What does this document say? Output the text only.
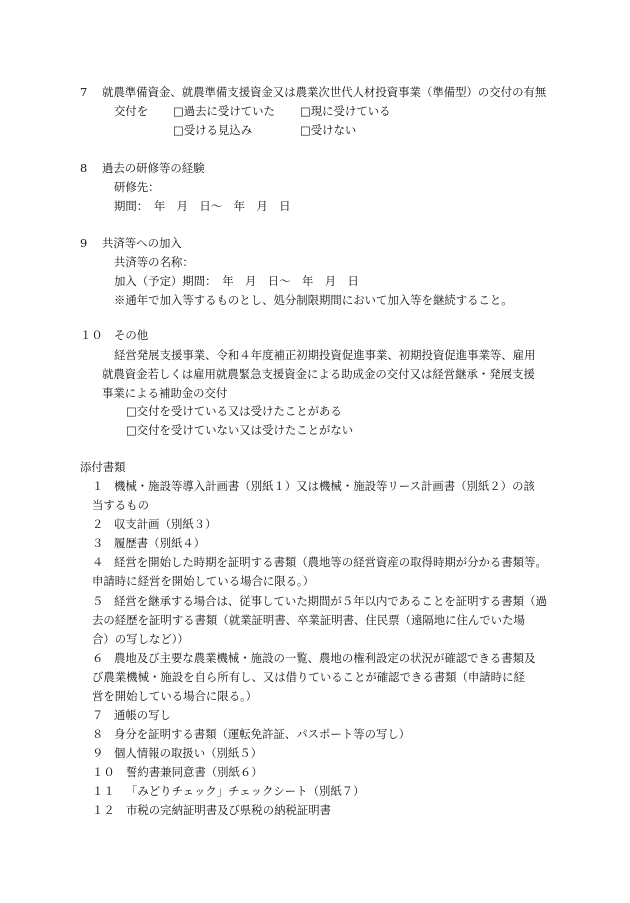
7 就農準備資金、就農準備支援資金又は農業次世代人材投資事業（準備型）の交付の有無
交付を □過去に受けていた □現に受けている
□受ける見込み	□受けない
8 過去の研修等の経験
研修先：
期間：　年　月　日～　年　月　日
9 共済等への加入
共済等の名称：
加入（予定）期間：　年　月　日～　年　月　日
※通年で加入等するものとし、処分制限期間において加入等を継続すること。
１０ その他
経営発展支援事業、令和４年度補正初期投資促進事業、初期投資促進事業等、雇用
就農資金若しくは雇用就農緊急支援資金による助成金の交付又は経営継承・発展支援
事業による補助金の交付
□交付を受けている又は受けたことがある
□交付を受けていない又は受けたことがない
添付書類
１ 機械・施設等導入計画書（別紙１）又は機械・施設等リース計画書（別紙２）の該
当するもの
２ 収支計画（別紙３）
３ 履歴書（別紙４）
４ 経営を開始した時期を証明する書類（農地等の経営資産の取得時期が分かる書類等。
申請時に経営を開始している場合に限る。）
５ 経営を継承する場合は、従事していた期間が５年以内であることを証明する書類（過
去の経歴を証明する書類（就業証明書、卒業証明書、住民票（遠隔地に住んでいた場
合）の写しなど））
６ 農地及び主要な農業機械・施設の一覧、農地の権利設定の状況が確認できる書類及
び農業機械・施設を自ら所有し、又は借りていることが確認できる書類（申請時に経
営を開始している場合に限る。）
７ 通帳の写し
８ 身分を証明する書類（運転免許証、パスポート等の写し）
９ 個人情報の取扱い（別紙５）
１０ 誓約書兼同意書（別紙６）
１１ 「みどりチェック」チェックシート（別紙７）
１２ 市税の完納証明書及び県税の納税証明書
